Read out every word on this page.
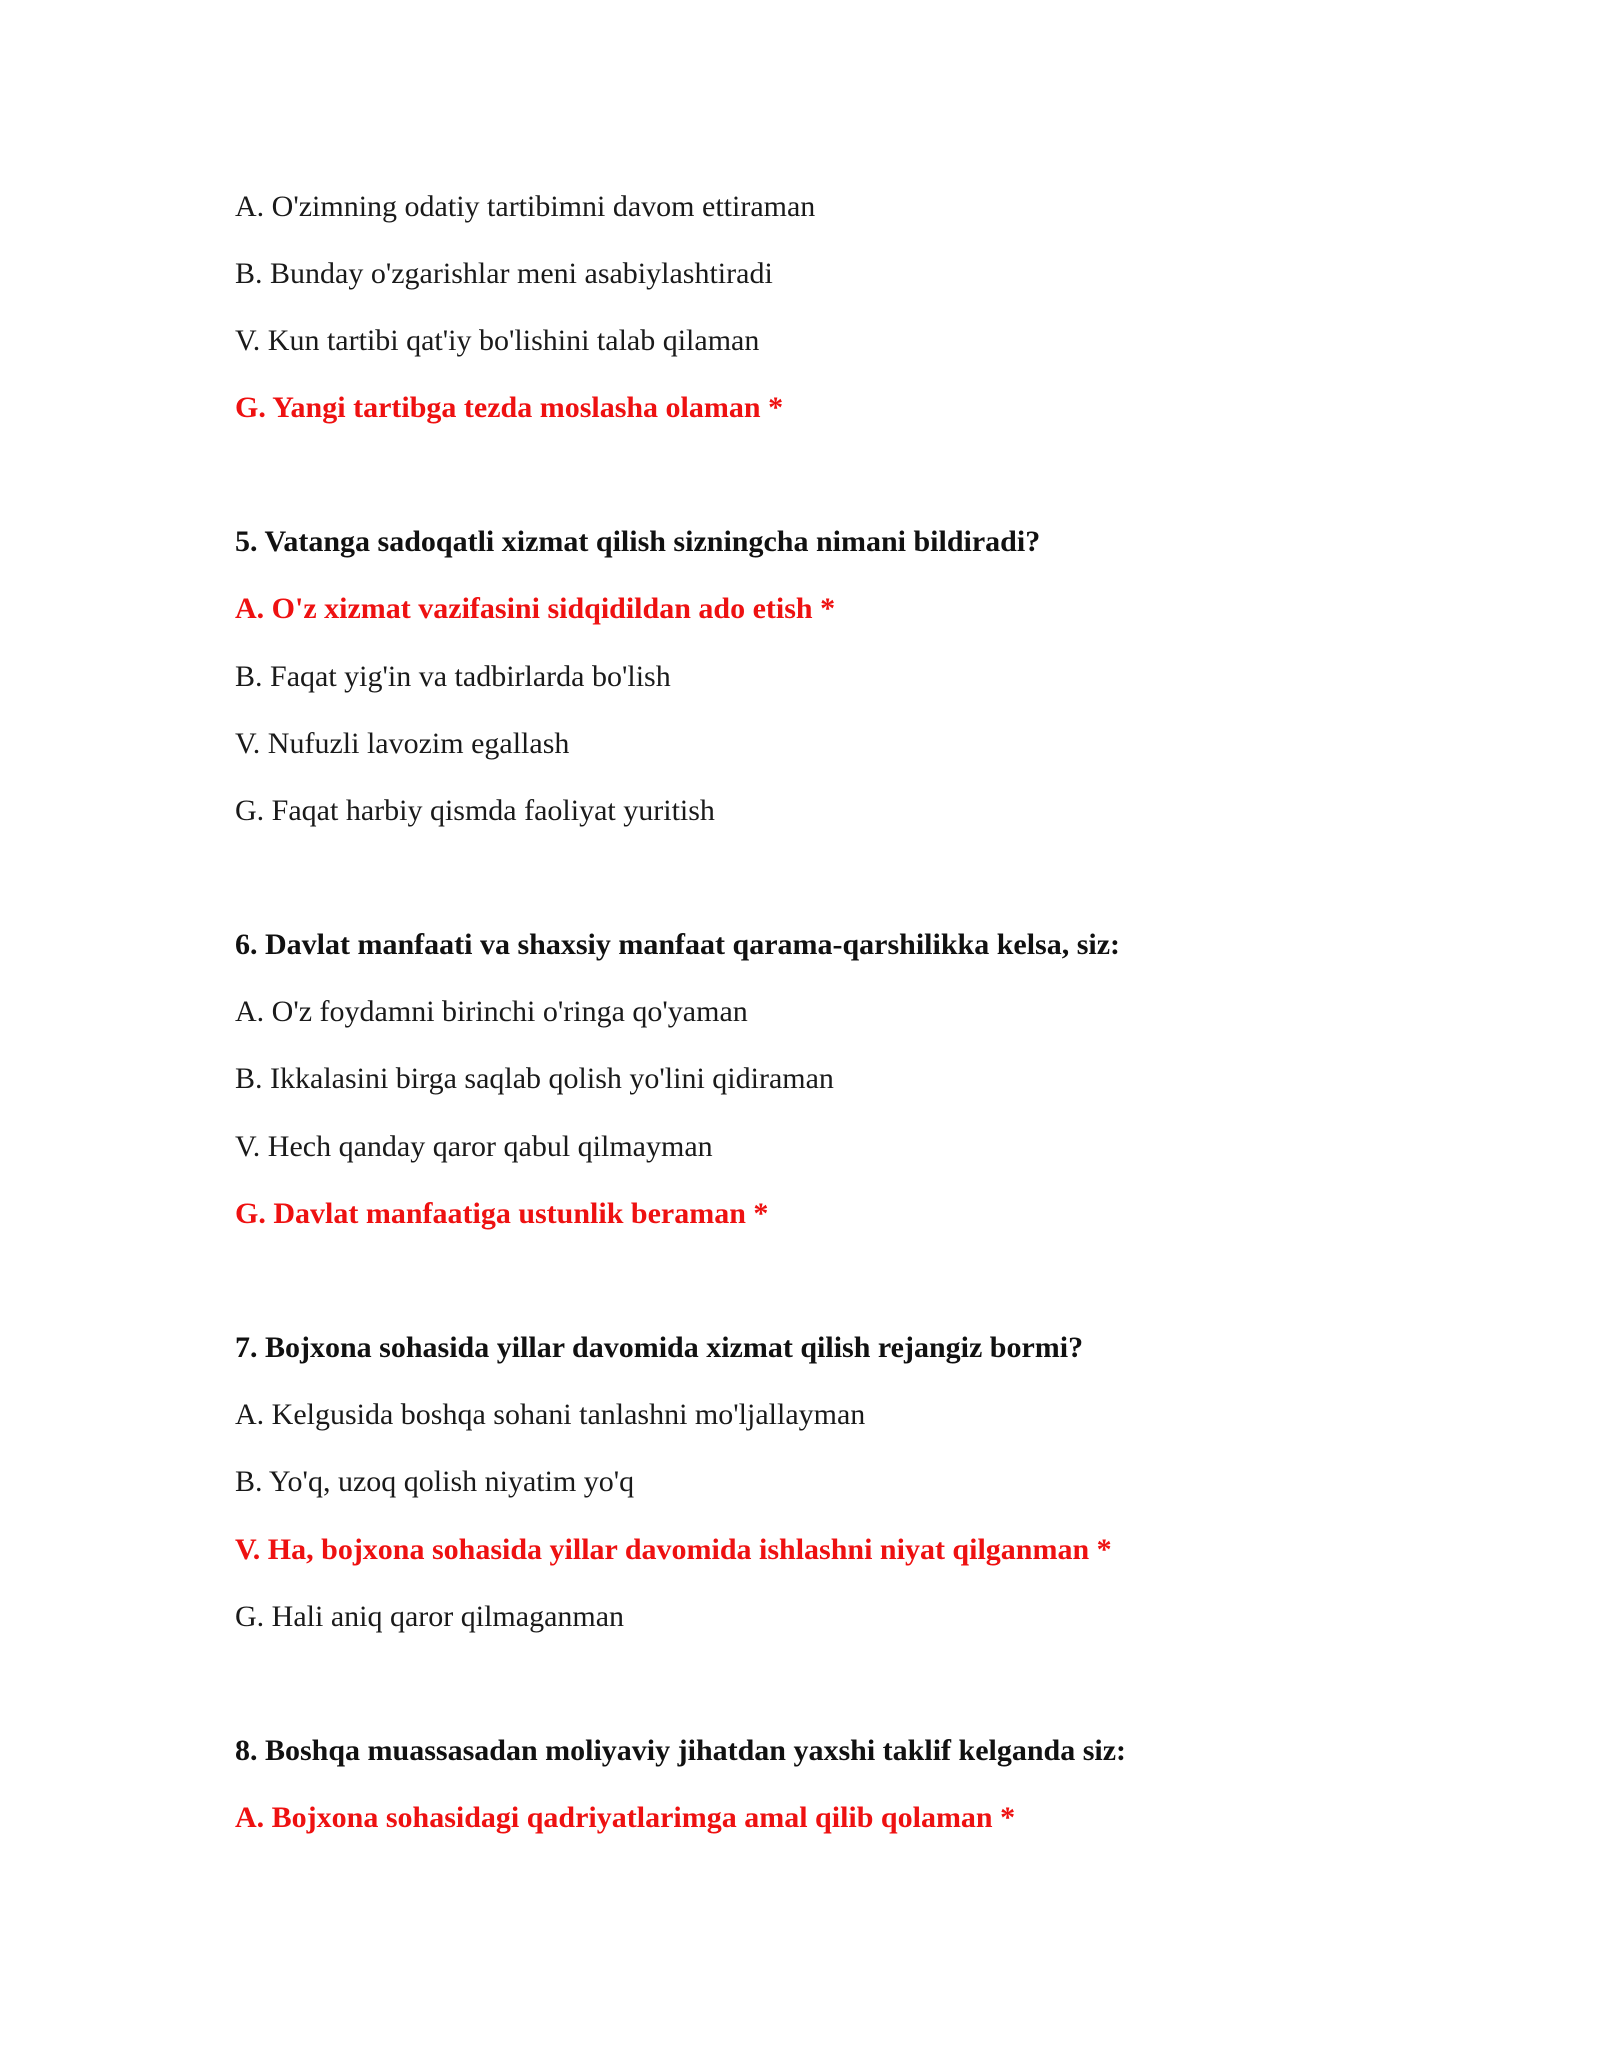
A. O'zimning odatiy tartibimni davom ettiraman
B. Bunday o'zgarishlar meni asabiylashtiradi
V. Kun tartibi qat'iy bo'lishini talab qilaman
G. Yangi tartibga tezda moslasha olaman *
5. Vatanga sadoqatli xizmat qilish sizningcha nimani bildiradi?
A. O'z xizmat vazifasini sidqidildan ado etish *
B. Faqat yig'in va tadbirlarda bo'lish
V. Nufuzli lavozim egallash
G. Faqat harbiy qismda faoliyat yuritish
6. Davlat manfaati va shaxsiy manfaat qarama-qarshilikka kelsa, siz:
A. O'z foydamni birinchi o'ringa qo'yaman
B. Ikkalasini birga saqlab qolish yo'lini qidiraman
V. Hech qanday qaror qabul qilmayman
G. Davlat manfaatiga ustunlik beraman *
7. Bojxona sohasida yillar davomida xizmat qilish rejangiz bormi?
A. Kelgusida boshqa sohani tanlashni mo'ljallayman
B. Yo'q, uzoq qolish niyatim yo'q
V. Ha, bojxona sohasida yillar davomida ishlashni niyat qilganman *
G. Hali aniq qaror qilmaganman
8. Boshqa muassasadan moliyaviy jihatdan yaxshi taklif kelganda siz:
A. Bojxona sohasidagi qadriyatlarimga amal qilib qolaman *
